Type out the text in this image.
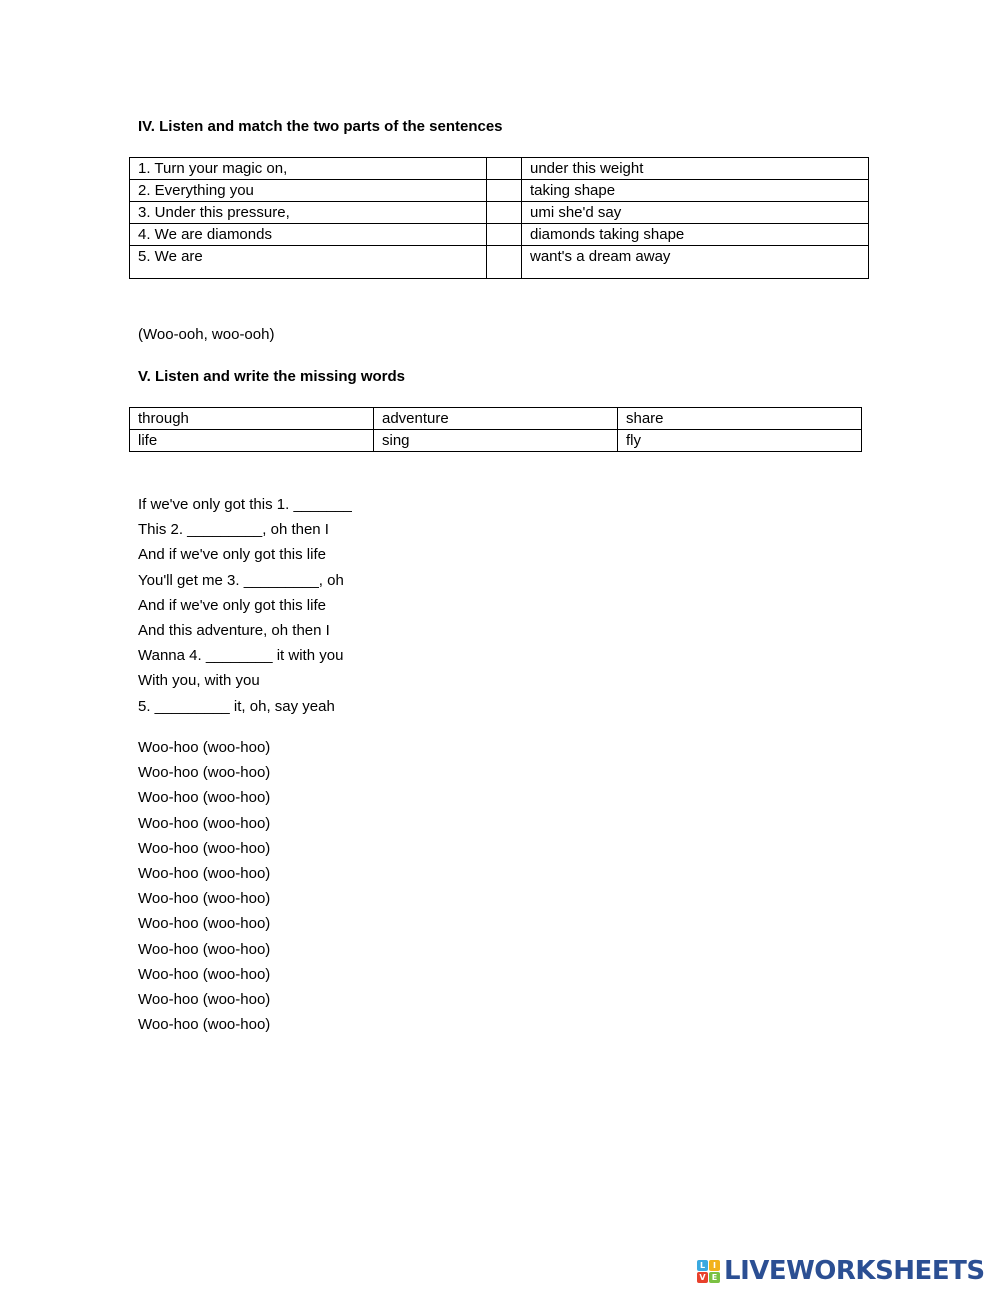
IV. Listen and match the two parts of the sentences
1. Turn your magic on,		under this weight
2. Everything you		taking shape
3. Under this pressure,		umi she'd say
4. We are diamonds		diamonds taking shape
5. We are		want's a dream away
(Woo-ooh, woo-ooh)
V. Listen and write the missing words
through	adventure	share
life	sing	fly
If we've only got this 1. _______
This 2. _________, oh then I
And if we've only got this life
You'll get me 3. _________, oh
And if we've only got this life
And this adventure, oh then I
Wanna 4. ________ it with you
With you, with you
5. _________ it, oh, say yeah
Woo-hoo (woo-hoo)
Woo-hoo (woo-hoo)
Woo-hoo (woo-hoo)
Woo-hoo (woo-hoo)
Woo-hoo (woo-hoo)
Woo-hoo (woo-hoo)
Woo-hoo (woo-hoo)
Woo-hoo (woo-hoo)
Woo-hoo (woo-hoo)
Woo-hoo (woo-hoo)
Woo-hoo (woo-hoo)
Woo-hoo (woo-hoo)
L I
V E LIVEWORKSHEETS
